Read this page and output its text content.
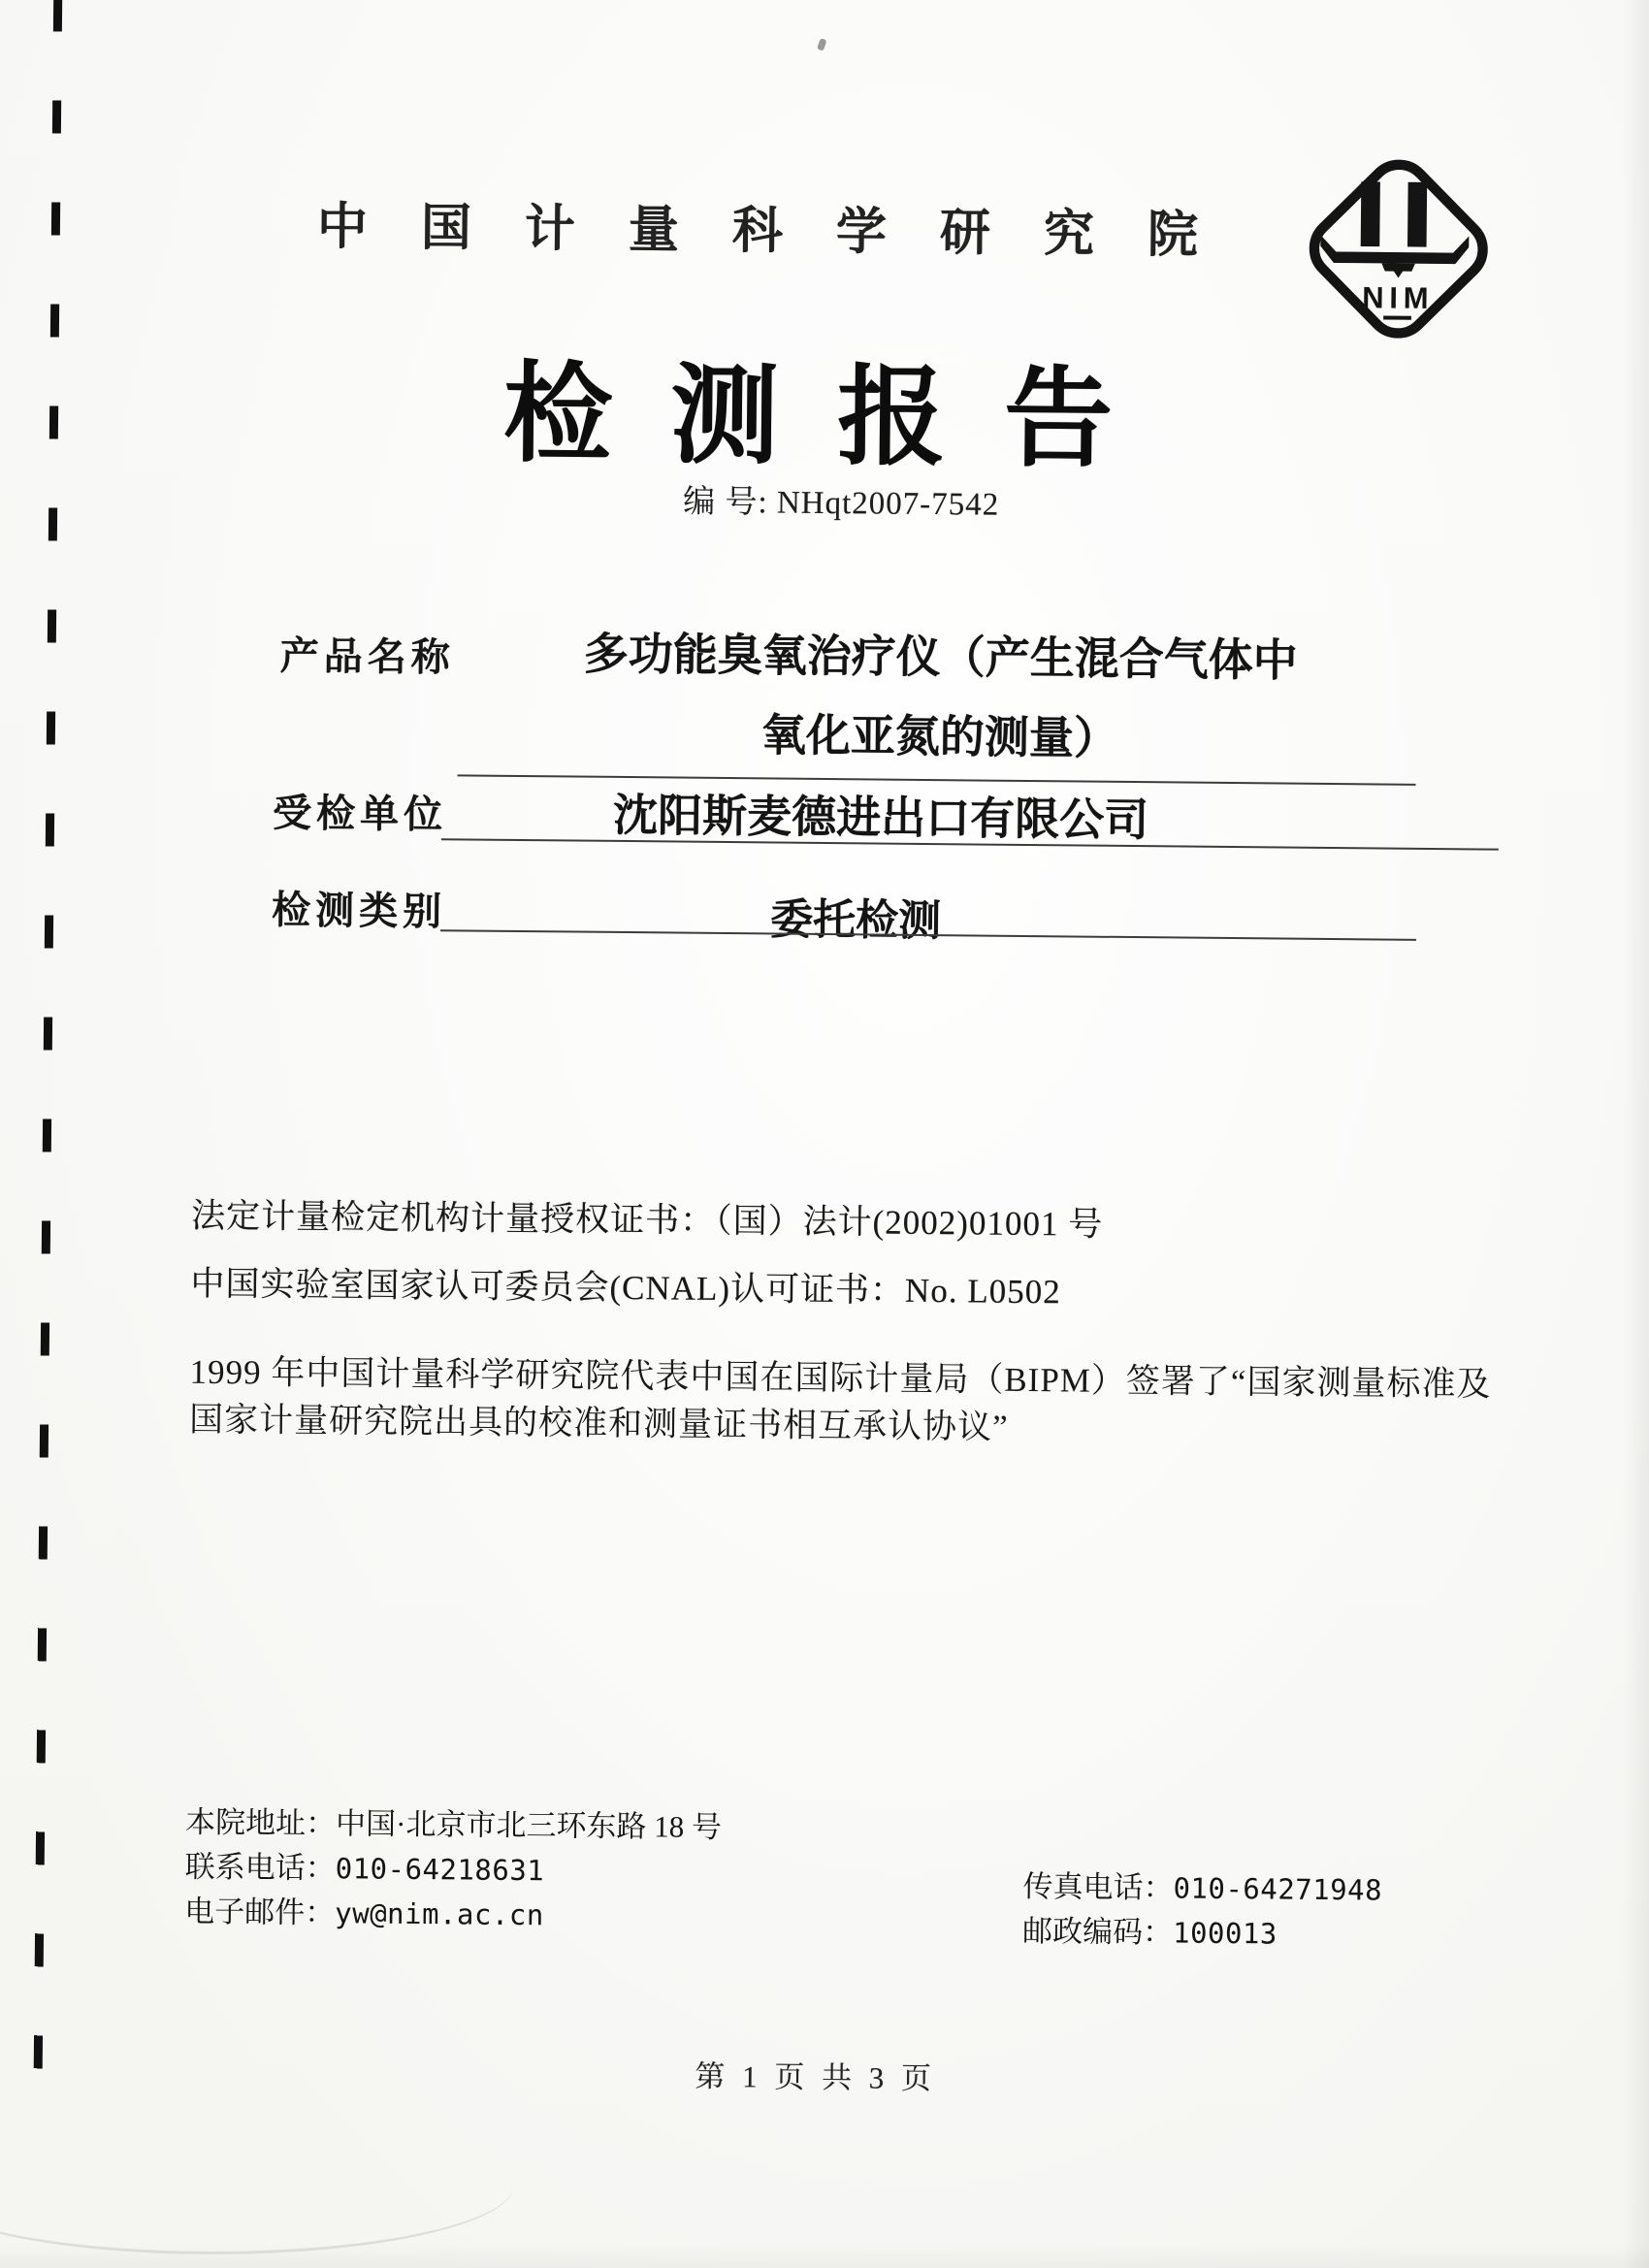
中国计量科学研究院
NIM
检测报告
编 号: NHqt2007-7542
产品名称	多功能臭氧治疗仪（产生混合气体中
氧化亚氮的测量）
受检单位	沈阳斯麦德进出口有限公司
检测类别	委托检测
法定计量检定机构计量授权证书：（国）法计(2002)01001 号
中国实验室国家认可委员会(CNAL)认可证书：No. L0502
1999 年中国计量科学研究院代表中国在国际计量局（BIPM）签署了“国家测量标准及国家计量研究院出具的校准和测量证书相互承认协议”
本院地址：中国·北京市北三环东路 18 号
联系电话：010-64218631
电子邮件：yw@nim.ac.cn
传真电话：010-64271948
邮政编码：100013
第 1 页 共 3 页
